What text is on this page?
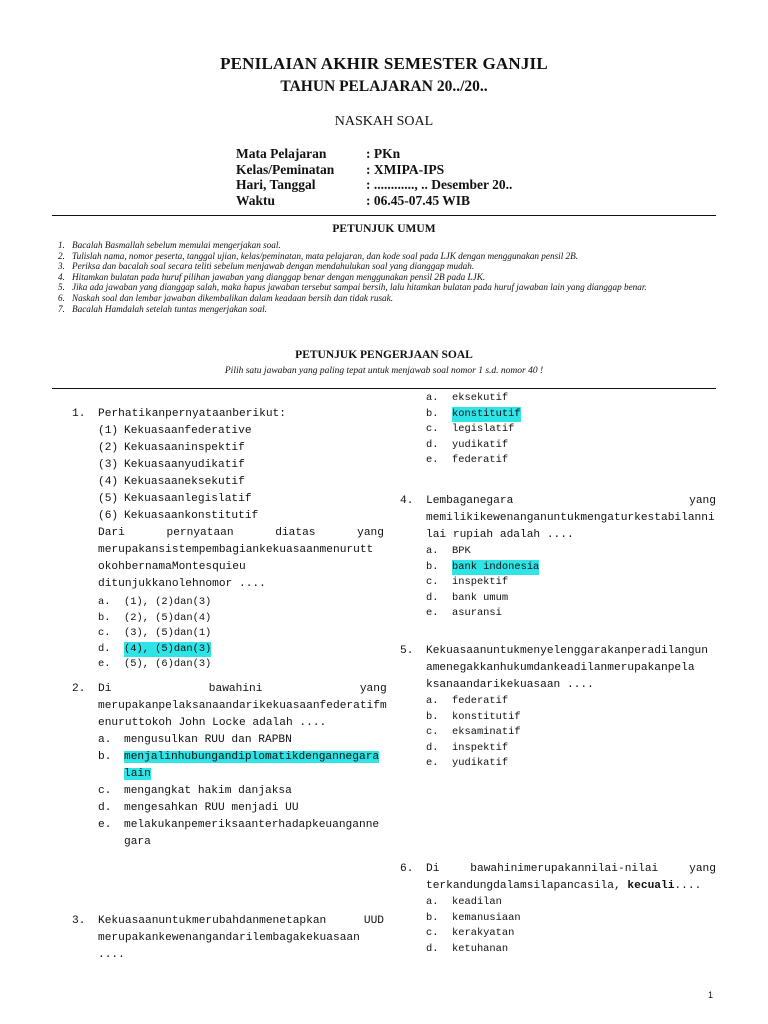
PENILAIAN AKHIR SEMESTER GANJIL
TAHUN PELAJARAN 20../20..
NASKAH SOAL
Mata Pelajaran	: PKn
Kelas/Peminatan	: XMIPA-IPS
Hari, Tanggal	: ............, .. Desember 20..
Waktu	: 06.45-07.45 WIB
PETUNJUK UMUM
1. Bacalah Basmallah sebelum memulai mengerjakan soal.
2. Tulislah nama, nomor peserta, tanggal ujian, kelas/peminatan, mata pelajaran, dan kode soal pada LJK dengan menggunakan pensil 2B.
3. Periksa dan bacalah soal secara teliti sebelum menjawab dengan mendahulukan soal yang dianggap mudah.
4. Hitamkan bulatan pada huruf pilihan jawaban yang dianggap benar dengan menggunakan pensil 2B pada LJK.
5. Jika ada jawaban yang dianggap salah, maka hapus jawaban tersebut sampai bersih, lalu hitamkan bulatan pada huruf jawaban lain yang dianggap benar.
6. Naskah soal dan lembar jawaban dikembalikan dalam keadaan bersih dan tidak rusak.
7. Bacalah Hamdalah setelah tuntas mengerjakan soal.
PETUNJUK PENGERJAAN SOAL
Pilih satu jawaban yang paling tepat untuk menjawab soal nomor 1 s.d. nomor 40 !
1.	Perhatikanpernyataanberikut:
(1) Kekuasaanfederative
(2) Kekuasaaninspektif
(3) Kekuasaanyudikatif
(4) Kekuasaaneksekutif
(5) Kekuasaanlegislatif
(6) Kekuasaankonstitutif
Dari pernyataan diatas yang
merupakansistempembagiankekuasaanmenurutt
okohbernamaMontesquieu
ditunjukkanolehnomor ....
a.	(1), (2)dan(3)
b.	(2), (5)dan(4)
c.	(3), (5)dan(1)
d.	(4), (5)dan(3)
e.	(5), (6)dan(3)
2.	Di bawahini yang
merupakanpelaksanaandarikekuasaanfederatifm
enuruttokoh John Locke adalah ....
a.	mengusulkan RUU dan RAPBN
b.	menjalinhubungandiplomatikdengannegara
lain
c.	mengangkat hakim danjaksa
d.	mengesahkan RUU menjadi UU
e.	melakukanpemeriksaanterhadapkeuanganne
gara
3.	Kekuasaanuntukmerubahdanmenetapkan UUD
merupakankewenangandarilembagakekuasaan
....
a.	eksekutif
b.	konstitutif
c.	legislatif
d.	yudikatif
e.	federatif
4.	Lembaganegara yang
memilikikewenanganuntukmengaturkestabilanni
lai rupiah adalah ....
a.	BPK
b.	bank indonesia
c.	inspektif
d.	bank umum
e.	asuransi
5.	Kekuasaanuntukmenyelenggarakanperadilangun
amenegakkanhukumdankeadilanmerupakanpela
ksanaandarikekuasaan ....
a.	federatif
b.	konstitutif
c.	eksaminatif
d.	inspektif
e.	yudikatif
6.	Di bawahinimerupakannilai-nilai yang
terkandungdalamsilapancasila, kecuali....
a.	keadilan
b.	kemanusiaan
c.	kerakyatan
d.	ketuhanan
1
